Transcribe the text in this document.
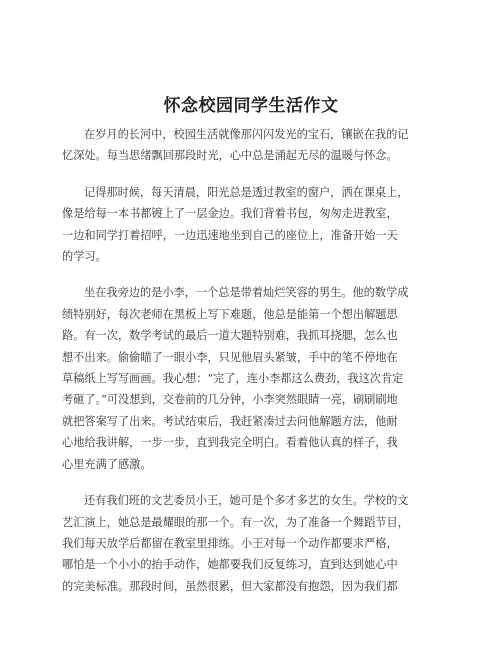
怀念校园同学生活作文

在岁月的长河中，校园生活就像那闪闪发光的宝石，镶嵌在我的记
忆深处。每当思绪飘回那段时光，心中总是涌起无尽的温暖与怀念。

记得那时候，每天清晨，阳光总是透过教室的窗户，洒在课桌上，
像是给每一本书都镀上了一层金边。我们背着书包，匆匆走进教室，
一边和同学打着招呼，一边迅速地坐到自己的座位上，准备开始一天
的学习。

坐在我旁边的是小李，一个总是带着灿烂笑容的男生。他的数学成
绩特别好，每次老师在黑板上写下难题，他总是能第一个想出解题思
路。有一次，数学考试的最后一道大题特别难，我抓耳挠腮，怎么也
想不出来。偷偷瞄了一眼小李，只见他眉头紧皱，手中的笔不停地在
草稿纸上写写画画。我心想：“完了，连小李都这么费劲，我这次肯定
考砸了。”可没想到，交卷前的几分钟，小李突然眼睛一亮，刷刷刷地
就把答案写了出来。考试结束后，我赶紧凑过去问他解题方法，他耐
心地给我讲解，一步一步，直到我完全明白。看着他认真的样子，我
心里充满了感激。

还有我们班的文艺委员小王，她可是个多才多艺的女生。学校的文
艺汇演上，她总是最耀眼的那一个。有一次，为了准备一个舞蹈节目，
我们每天放学后都留在教室里排练。小王对每一个动作都要求严格，
哪怕是一个小小的抬手动作，她都要我们反复练习，直到达到她心中
的完美标准。那段时间，虽然很累，但大家都没有抱怨，因为我们都
